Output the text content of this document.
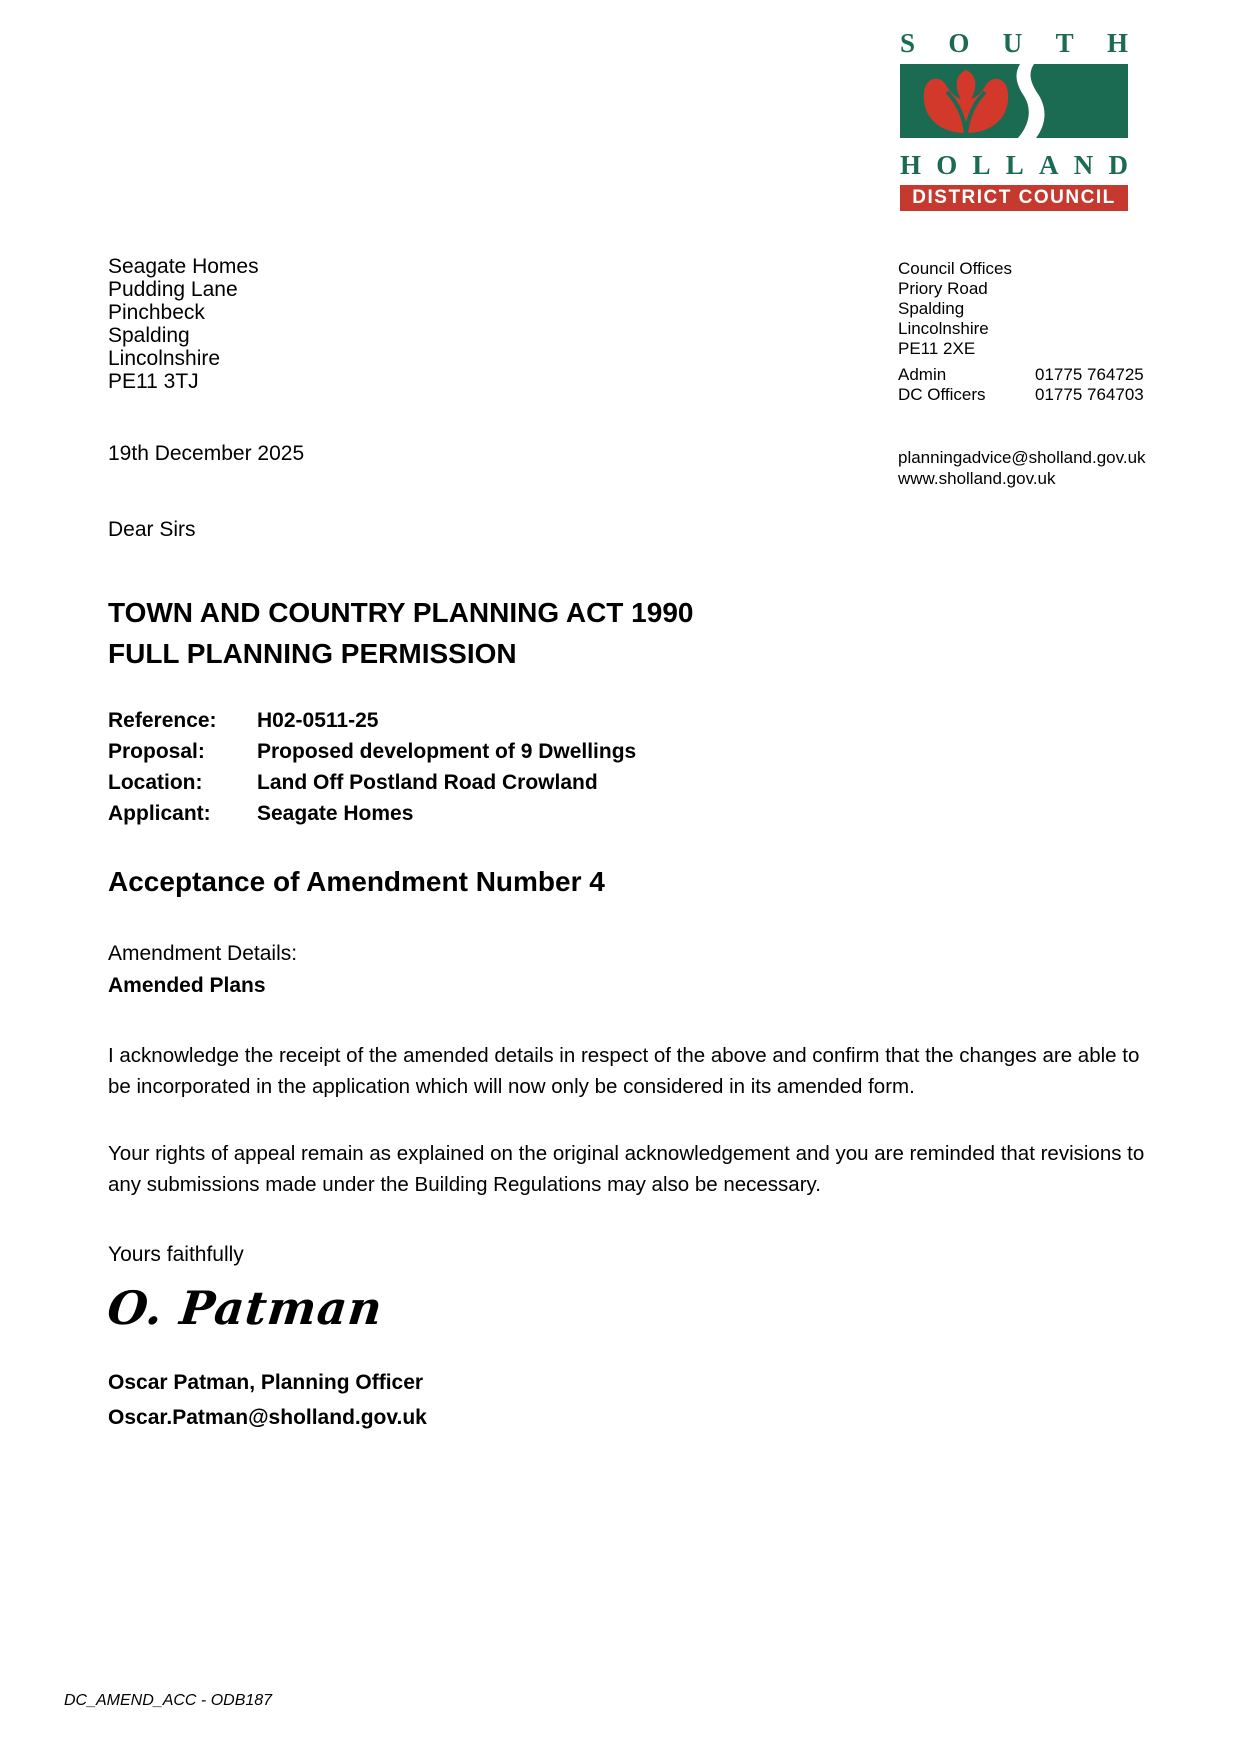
S O U T H
H O L L A N D
DISTRICT COUNCIL
Seagate Homes
Pudding Lane
Pinchbeck
Spalding
Lincolnshire
PE11 3TJ
19th December 2025
Council Offices
Priory Road
Spalding
Lincolnshire
PE11 2XE
Admin	01775 764725
DC Officers	01775 764703
planningadvice@sholland.gov.uk
www.sholland.gov.uk
Dear Sirs
TOWN AND COUNTRY PLANNING ACT 1990
FULL PLANNING PERMISSION
Reference:	H02-0511-25
Proposal:	Proposed development of 9 Dwellings
Location:	Land Off Postland Road Crowland
Applicant:	Seagate Homes
Acceptance of Amendment Number 4
Amendment Details:
Amended Plans
I acknowledge the receipt of the amended details in respect of the above and confirm that the changes are able to be incorporated in the application which will now only be considered in its amended form.
Your rights of appeal remain as explained on the original acknowledgement and you are reminded that revisions to any submissions made under the Building Regulations may also be necessary.
Yours faithfully
O. Patman
Oscar Patman, Planning Officer
Oscar.Patman@sholland.gov.uk
DC_AMEND_ACC - ODB187
